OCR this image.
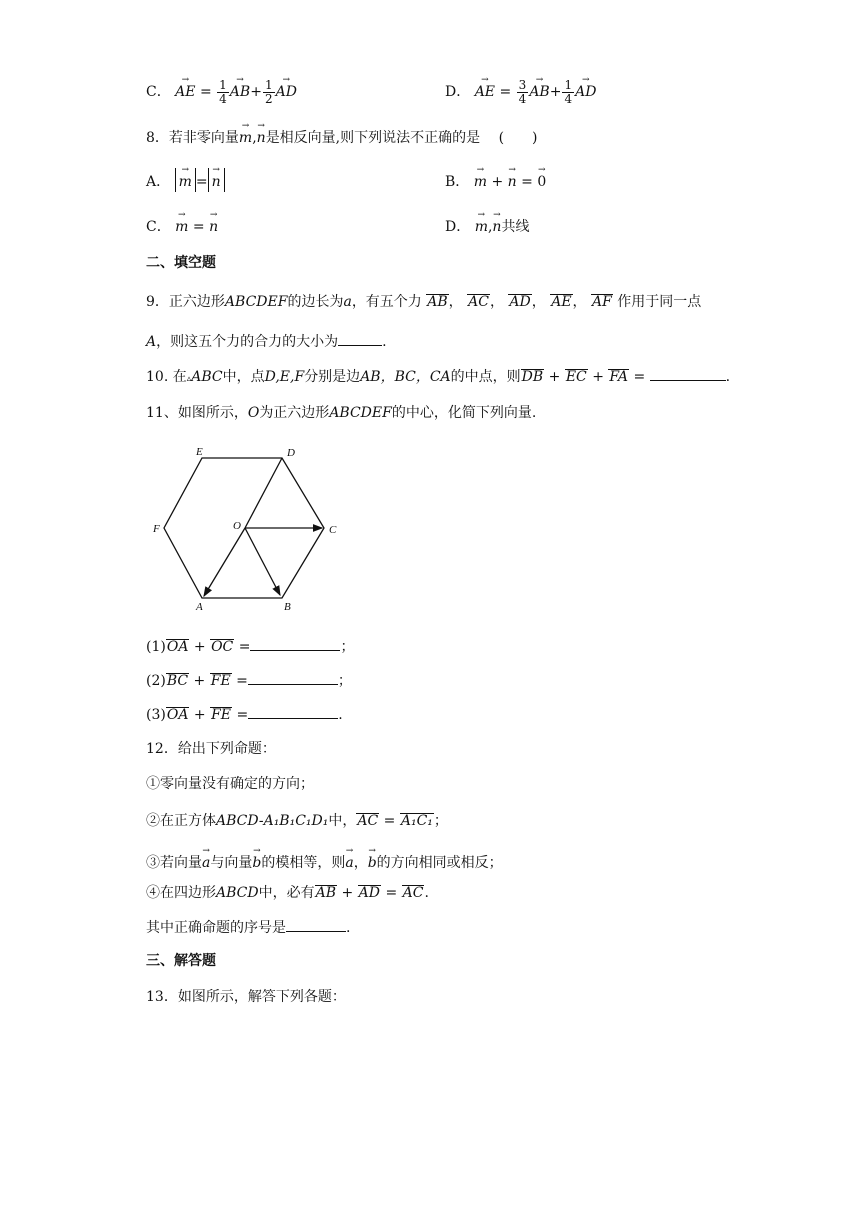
C． → AE = $\frac{1}{4}$
→ $AB+ \frac{1}{2}$
→ AD	D． → AE = $\frac{3}{4}$
→ $AB+ \frac{1}{4}$
→ AD
8．若非零向量→ m,→ n是相反向量,则下列说法不正确的是 (　　)
A． → m =→ n	B． → m + → n = → 0
C． → m = → n	D． → m,→ n共线
二、填空题
9．正六边形ABCDEF的边长为a，有五个力 AB， AC， AD， AE， AF 作用于同一点
A，则这五个力的合力的大小为	.
10. 在▵ABC中，点D,E,F分别是边AB，BC，CA的中点，则DB + EC + FA =	.
11、如图所示，O为正六边形ABCDEF的中心，化简下列向量.
E	D
F	O	C
A	B
(1)OA + OC =	；
(2)BC + FE =	；
(3)OA + FE =	.
12．给出下列命题：
①零向量没有确定的方向；
②在正方体ABCD-A₁B₁C₁D₁中，AC = A₁C₁；
③若向量→ a与向量→ b的模相等，则→ a，→ b的方向相同或相反；
④在四边形ABCD中，必有AB + AD = AC.
其中正确命题的序号是	.
三、解答题
13．如图所示，解答下列各题：
